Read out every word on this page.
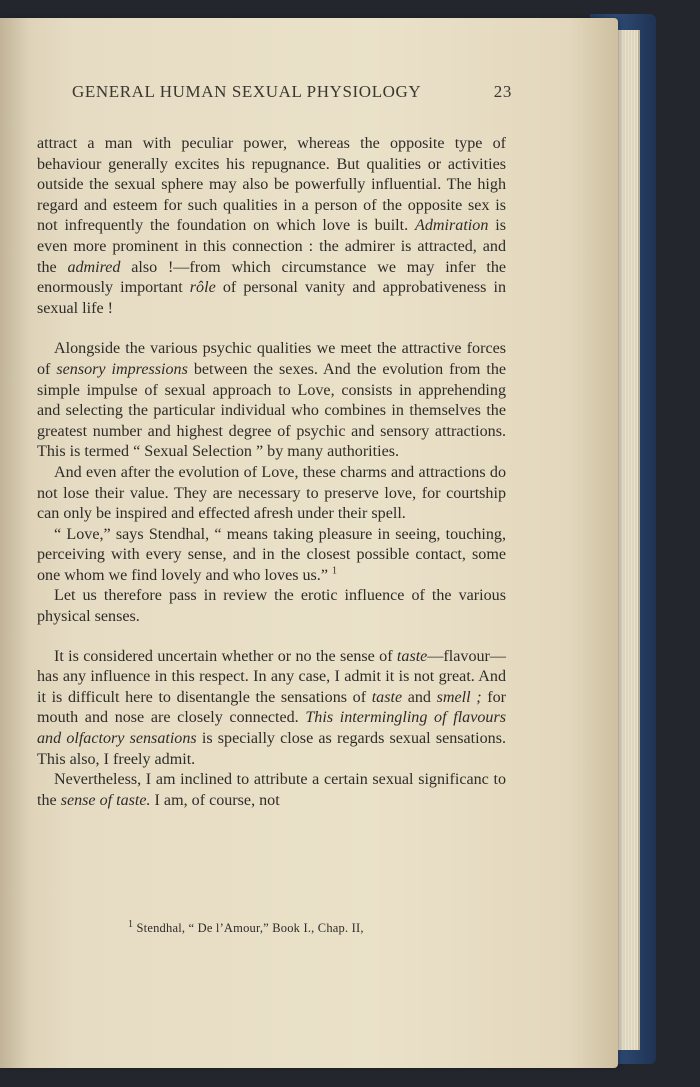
GENERAL HUMAN SEXUAL PHYSIOLOGY	23

attract a man with peculiar power, whereas the opposite type of behaviour generally excites his repugnance. But qualities or activities outside the sexual sphere may also be powerfully influential. The high regard and esteem for such qualities in a person of the opposite sex is not infrequently the foundation on which love is built. Admiration is even more prominent in this connection : the admirer is attracted, and the admired also !—from which circumstance we may infer the enormously important rôle of personal vanity and approbativeness in sexual life !

Alongside the various psychic qualities we meet the attractive forces of sensory impressions between the sexes. And the evolution from the simple impulse of sexual approach to Love, consists in apprehending and selecting the particular individual who combines in themselves the greatest number and highest degree of psychic and sensory attractions. This is termed “ Sexual Selection ” by many authorities.

And even after the evolution of Love, these charms and attractions do not lose their value. They are necessary to preserve love, for courtship can only be inspired and effected afresh under their spell.

“ Love,” says Stendhal, “ means taking pleasure in seeing, touching, perceiving with every sense, and in the closest possible contact, some one whom we find lovely and who loves us.” $^1$

Let us therefore pass in review the erotic influence of the various physical senses.

It is considered uncertain whether or no the sense of taste—flavour—has any influence in this respect. In any case, I admit it is not great. And it is difficult here to disentangle the sensations of taste and smell ; for mouth and nose are closely connected. This intermingling of flavours and olfactory sensations is specially close as regards sexual sensations. This also, I freely admit.

Nevertheless, I am inclined to attribute a certain sexual significanc to the sense of taste. I am, of course, not

$^1$ Stendhal, “ De l’Amour,” Book I., Chap. II,
